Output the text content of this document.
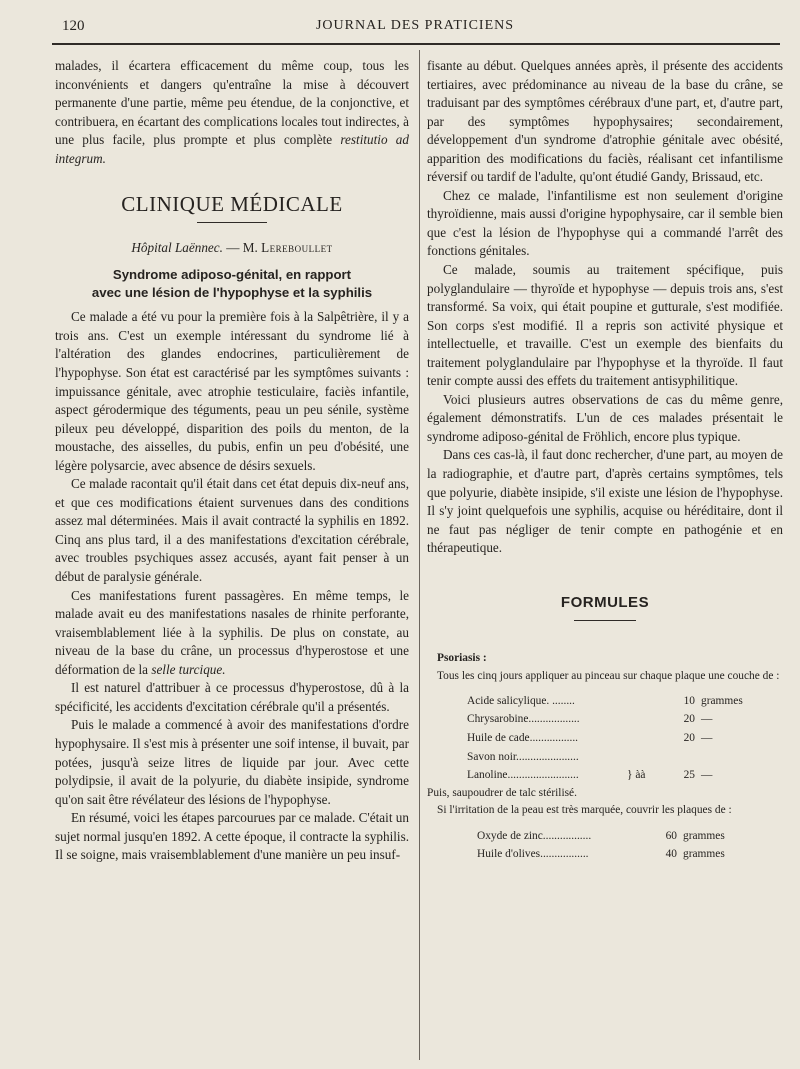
120	JOURNAL DES PRATICIENS

malades, il écartera efficacement du même coup, tous les inconvénients et dangers qu'entraîne la mise à découvert permanente d'une partie, même peu étendue, de la conjonctive, et contribuera, en écartant des complications locales tout indirectes, à une plus facile, plus prompte et plus complète restitutio ad integrum.

CLINIQUE MÉDICALE
Hôpital Laënnec. — M. Lereboullet
Syndrome adiposo-génital, en rapport
avec une lésion de l'hypophyse et la syphilis

Ce malade a été vu pour la première fois à la Salpêtrière, il y a trois ans. C'est un exemple intéressant du syndrome lié à l'altération des glandes endocrines, particulièrement de l'hypophyse. Son état est caractérisé par les symptômes suivants : impuissance génitale, avec atrophie testiculaire, faciès infantile, aspect gérodermique des téguments, peau un peu sénile, système pileux peu développé, disparition des poils du menton, de la moustache, des aisselles, du pubis, enfin un peu d'obésité, une légère polysarcie, avec absence de désirs sexuels.

Ce malade racontait qu'il était dans cet état depuis dix-neuf ans, et que ces modifications étaient survenues dans des conditions assez mal déterminées. Mais il avait contracté la syphilis en 1892. Cinq ans plus tard, il a des manifestations d'excitation cérébrale, avec troubles psychiques assez accusés, ayant fait penser à un début de paralysie générale.

Ces manifestations furent passagères. En même temps, le malade avait eu des manifestations nasales de rhinite perforante, vraisemblablement liée à la syphilis. De plus on constate, au niveau de la base du crâne, un processus d'hyperostose et une déformation de la selle turcique.

Il est naturel d'attribuer à ce processus d'hyperostose, dû à la spécificité, les accidents d'excitation cérébrale qu'il a présentés.

Puis le malade a commencé à avoir des manifestations d'ordre hypophysaire. Il s'est mis à présenter une soif intense, il buvait, par potées, jusqu'à seize litres de liquide par jour. Avec cette polydipsie, il avait de la polyurie, du diabète insipide, syndrome qu'on sait être révélateur des lésions de l'hypophyse.

En résumé, voici les étapes parcourues par ce malade. C'était un sujet normal jusqu'en 1892. A cette époque, il contracte la syphilis. Il se soigne, mais vraisemblablement d'une manière un peu insuf-

fisante au début. Quelques années après, il présente des accidents tertiaires, avec prédominance au niveau de la base du crâne, se traduisant par des symptômes cérébraux d'une part, et, d'autre part, par des symptômes hypophysaires; secondairement, développement d'un syndrome d'atrophie génitale avec obésité, apparition des modifications du faciès, réalisant cet infantilisme réversif ou tardif de l'adulte, qu'ont étudié Gandy, Brissaud, etc.

Chez ce malade, l'infantilisme est non seulement d'origine thyroïdienne, mais aussi d'origine hypophysaire, car il semble bien que c'est la lésion de l'hypophyse qui a commandé l'arrêt des fonctions génitales.

Ce malade, soumis au traitement spécifique, puis polyglandulaire — thyroïde et hypophyse — depuis trois ans, s'est transformé. Sa voix, qui était poupine et gutturale, s'est modifiée. Son corps s'est modifié. Il a repris son activité physique et intellectuelle, et travaille. C'est un exemple des bienfaits du traitement polyglandulaire par l'hypophyse et la thyroïde. Il faut tenir compte aussi des effets du traitement antisyphilitique.

Voici plusieurs autres observations de cas du même genre, également démonstratifs. L'un de ces malades présentait le syndrome adiposo-génital de Fröhlich, encore plus typique.

Dans ces cas-là, il faut donc rechercher, d'une part, au moyen de la radiographie, et d'autre part, d'après certains symptômes, tels que polyurie, diabète insipide, s'il existe une lésion de l'hypophyse. Il s'y joint quelquefois une syphilis, acquise ou héréditaire, dont il ne faut pas négliger de tenir compte en pathogénie et en thérapeutique.

FORMULES
Psoriasis :

Tous les cinq jours appliquer au pinceau sur chaque plaque une couche de :

Acide salicylique. ........		10	grammes
Chrysarobine..................		20	—
Huile de cade.................		20	—
Savon noir......................			
Lanoline.........................	} àà	25	—

Puis, saupoudrer de talc stérilisé.

Si l'irritation de la peau est très marquée, couvrir les plaques de :

Oxyde de zinc.................	60	grammes
Huile d'olives.................	40	grammes
